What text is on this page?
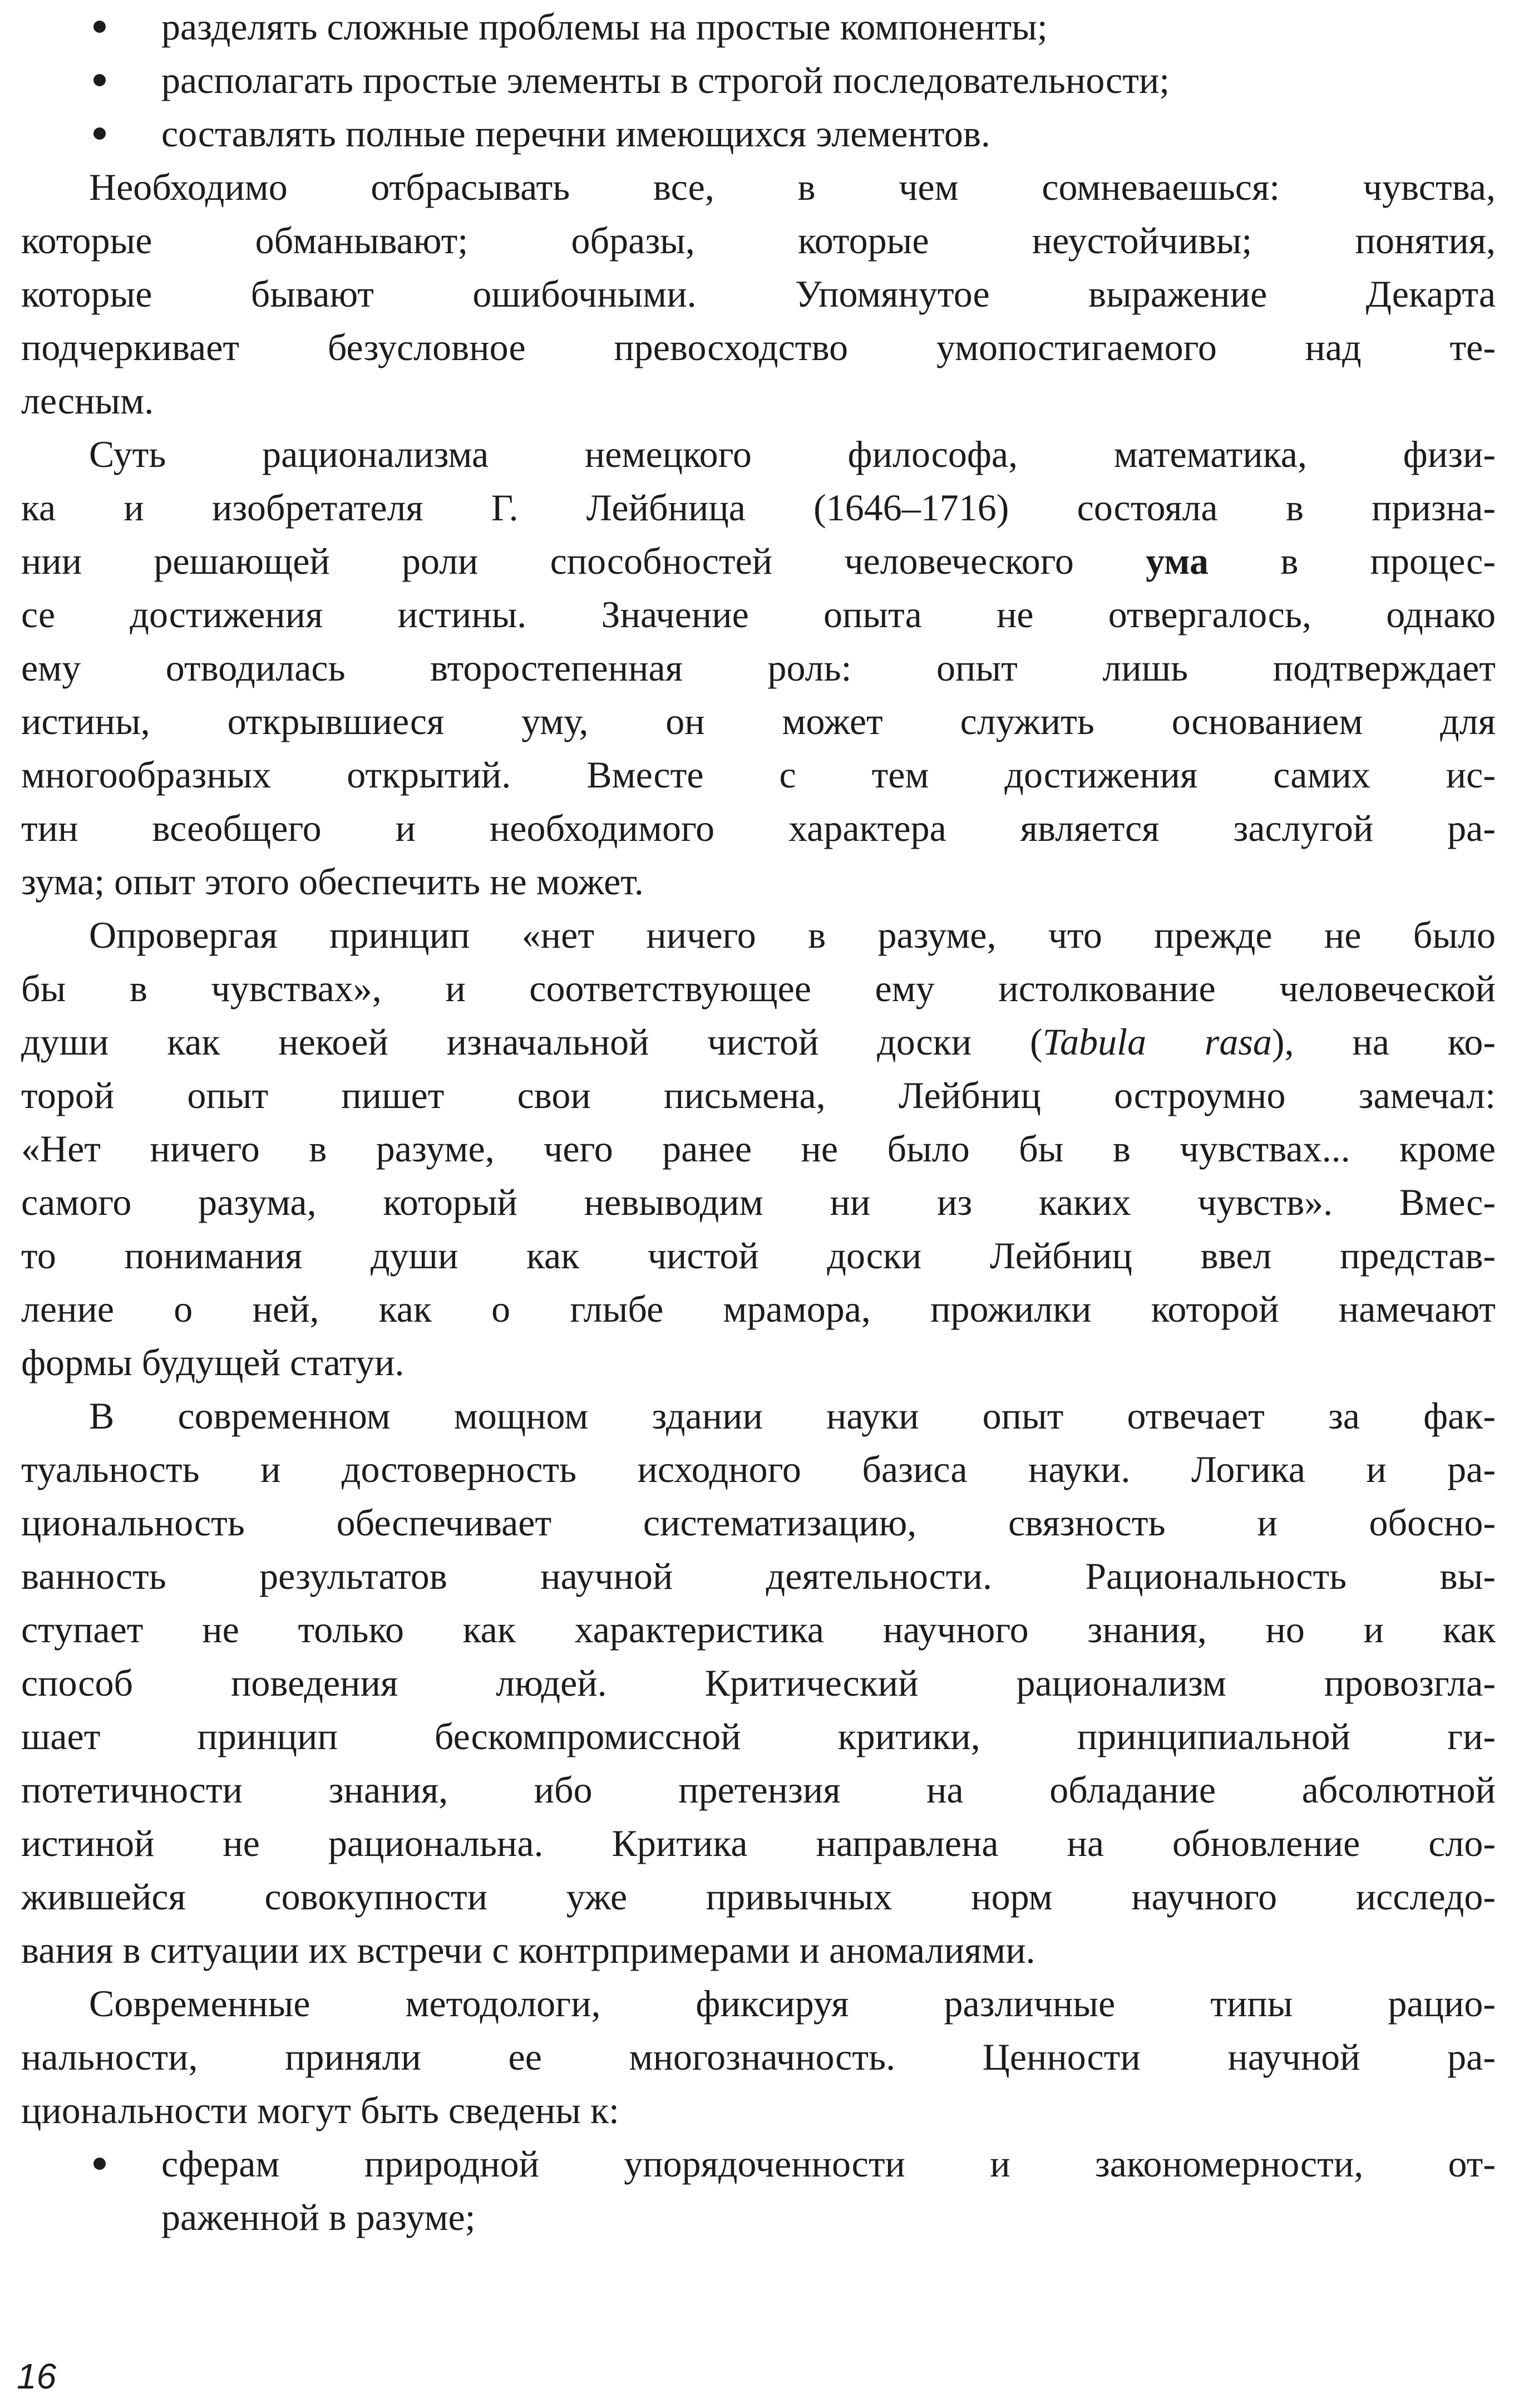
разделять сложные проблемы на простые компоненты;
располагать простые элементы в строгой последовательности;
составлять полные перечни имеющихся элементов.
Необходимо отбрасывать все, в чем сомневаешься: чувства,
которые обманывают; образы, которые неустойчивы; понятия,
которые бывают ошибочными. Упомянутое выражение Декарта
подчеркивает безусловное превосходство умопостигаемого над те-
лесным.
Суть рационализма немецкого философа, математика, физи-
ка и изобретателя Г. Лейбница (1646–1716) состояла в призна-
нии решающей роли способностей человеческого ума в процес-
се достижения истины. Значение опыта не отвергалось, однако
ему отводилась второстепенная роль: опыт лишь подтверждает
истины, открывшиеся уму, он может служить основанием для
многообразных открытий. Вместе с тем достижения самих ис-
тин всеобщего и необходимого характера является заслугой ра-
зума; опыт этого обеспечить не может.
Опровергая принцип «нет ничего в разуме, что прежде не было
бы в чувствах», и соответствующее ему истолкование человеческой
души как некоей изначальной чистой доски (Tabula rasa), на ко-
торой опыт пишет свои письмена, Лейбниц остроумно замечал:
«Нет ничего в разуме, чего ранее не было бы в чувствах... кроме
самого разума, который невыводим ни из каких чувств». Вмес-
то понимания души как чистой доски Лейбниц ввел представ-
ление о ней, как о глыбе мрамора, прожилки которой намечают
формы будущей статуи.
В современном мощном здании науки опыт отвечает за фак-
туальность и достоверность исходного базиса науки. Логика и ра-
циональность обеспечивает систематизацию, связность и обосно-
ванность результатов научной деятельности. Рациональность вы-
ступает не только как характеристика научного знания, но и как
способ поведения людей. Критический рационализм провозгла-
шает принцип бескомпромиссной критики, принципиальной ги-
потетичности знания, ибо претензия на обладание абсолютной
истиной не рациональна. Критика направлена на обновление сло-
жившейся совокупности уже привычных норм научного исследо-
вания в ситуации их встречи с контрпримерами и аномалиями.
Современные методологи, фиксируя различные типы рацио-
нальности, приняли ее многозначность. Ценности научной ра-
циональности могут быть сведены к:
сферам природной упорядоченности и закономерности, от-
раженной в разуме;
16
